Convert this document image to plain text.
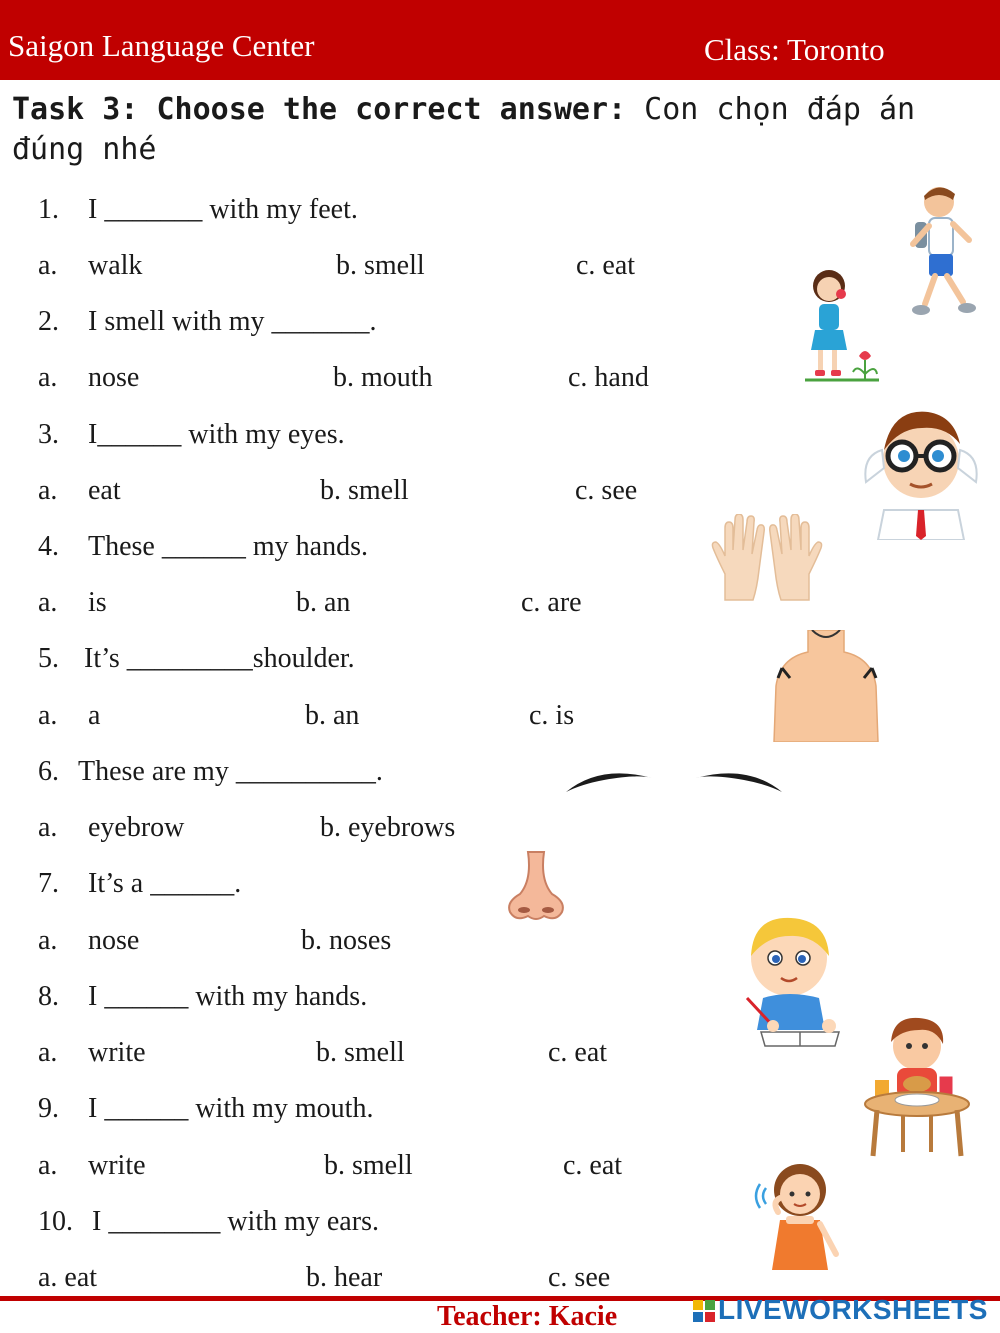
Saigon Language Center	Class: Toronto
Task 3: Choose the correct answer: Con chọn đáp án đúng nhé
1. I _______ with my feet.
a. walk	b. smell	c. eat
2. I smell with my _______.
a. nose	b. mouth	c. hand
3. I______ with my eyes.
a. eat	b. smell	c. see
4. These ______ my hands.
a. is	b. an	c. are
5. It’s _________shoulder.
a. a	b. an	c. is
6. These are my __________.
a. eyebrow	b. eyebrows
7. It’s a ______.
a. nose	b. noses
8. I ______ with my hands.
a. write	b. smell	c. eat
9. I ______ with my mouth.
a. write	b. smell	c. eat
10. I ________ with my ears.
a. eat	b. hear	c. see
Teacher: Kacie	LIVEWORKSHEETS
